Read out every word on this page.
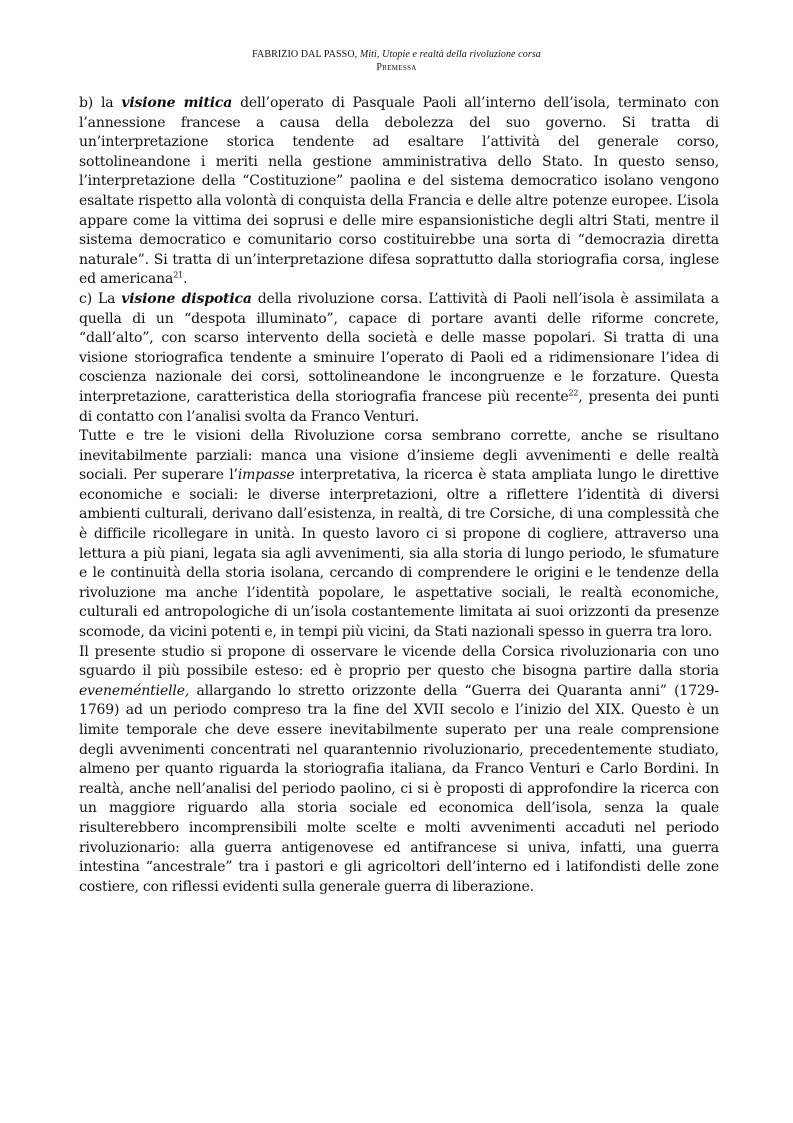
FABRIZIO DAL PASSO, Miti, Utopie e realtà della rivoluzione corsa
Premessa

b) la visione mitica dell’operato di Pasquale Paoli all’interno dell’isola, terminato con l’annessione francese a causa della debolezza del suo governo. Si tratta di un’interpretazione storica tendente ad esaltare l’attività del generale corso, sottolineandone i meriti nella gestione amministrativa dello Stato. In questo senso, l’interpretazione della “Costituzione” paolina e del sistema democratico isolano vengono esaltate rispetto alla volontà di conquista della Francia e delle altre potenze europee. L’isola appare come la vittima dei soprusi e delle mire espansionistiche degli altri Stati, mentre il sistema democratico e comunitario corso costituirebbe una sorta di “democrazia diretta naturale”. Si tratta di un’interpretazione difesa soprattutto dalla storiografia corsa, inglese ed americana$^{21}$.

c) La visione dispotica della rivoluzione corsa. L’attività di Paoli nell’isola è assimilata a quella di un “despota illuminato”, capace di portare avanti delle riforme concrete, “dall’alto”, con scarso intervento della società e delle masse popolari. Si tratta di una visione storiografica tendente a sminuire l’operato di Paoli ed a ridimensionare l’idea di coscienza nazionale dei corsi, sottolineandone le incongruenze e le forzature. Questa interpretazione, caratteristica della storiografia francese più recente$^{22}$, presenta dei punti di contatto con l’analisi svolta da Franco Venturi.

Tutte e tre le visioni della Rivoluzione corsa sembrano corrette, anche se risultano inevitabilmente parziali: manca una visione d’insieme degli avvenimenti e delle realtà sociali. Per superare l’impasse interpretativa, la ricerca è stata ampliata lungo le direttive economiche e sociali: le diverse interpretazioni, oltre a riflettere l’identità di diversi ambienti culturali, derivano dall’esistenza, in realtà, di tre Corsiche, di una complessità che è difficile ricollegare in unità. In questo lavoro ci si propone di cogliere, attraverso una lettura a più piani, legata sia agli avvenimenti, sia alla storia di lungo periodo, le sfumature e le continuità della storia isolana, cercando di comprendere le origini e le tendenze della rivoluzione ma anche l’identità popolare, le aspettative sociali, le realtà economiche, culturali ed antropologiche di un’isola costantemente limitata ai suoi orizzonti da presenze scomode, da vicini potenti e, in tempi più vicini, da Stati nazionali spesso in guerra tra loro.

Il presente studio si propone di osservare le vicende della Corsica rivoluzionaria con uno sguardo il più possibile esteso: ed è proprio per questo che bisogna partire dalla storia eveneméntielle, allargando lo stretto orizzonte della “Guerra dei Quaranta anni” (1729-1769) ad un periodo compreso tra la fine del XVII secolo e l’inizio del XIX. Questo è un limite temporale che deve essere inevitabilmente superato per una reale comprensione degli avvenimenti concentrati nel quarantennio rivoluzionario, precedentemente studiato, almeno per quanto riguarda la storiografia italiana, da Franco Venturi e Carlo Bordini. In realtà, anche nell’analisi del periodo paolino, ci si è proposti di approfondire la ricerca con un maggiore riguardo alla storia sociale ed economica dell’isola, senza la quale risulterebbero incomprensibili molte scelte e molti avvenimenti accaduti nel periodo rivoluzionario: alla guerra antigenovese ed antifrancese si univa, infatti, una guerra intestina “ancestrale” tra i pastori e gli agricoltori dell’interno ed i latifondisti delle zone costiere, con riflessi evidenti sulla generale guerra di liberazione.
